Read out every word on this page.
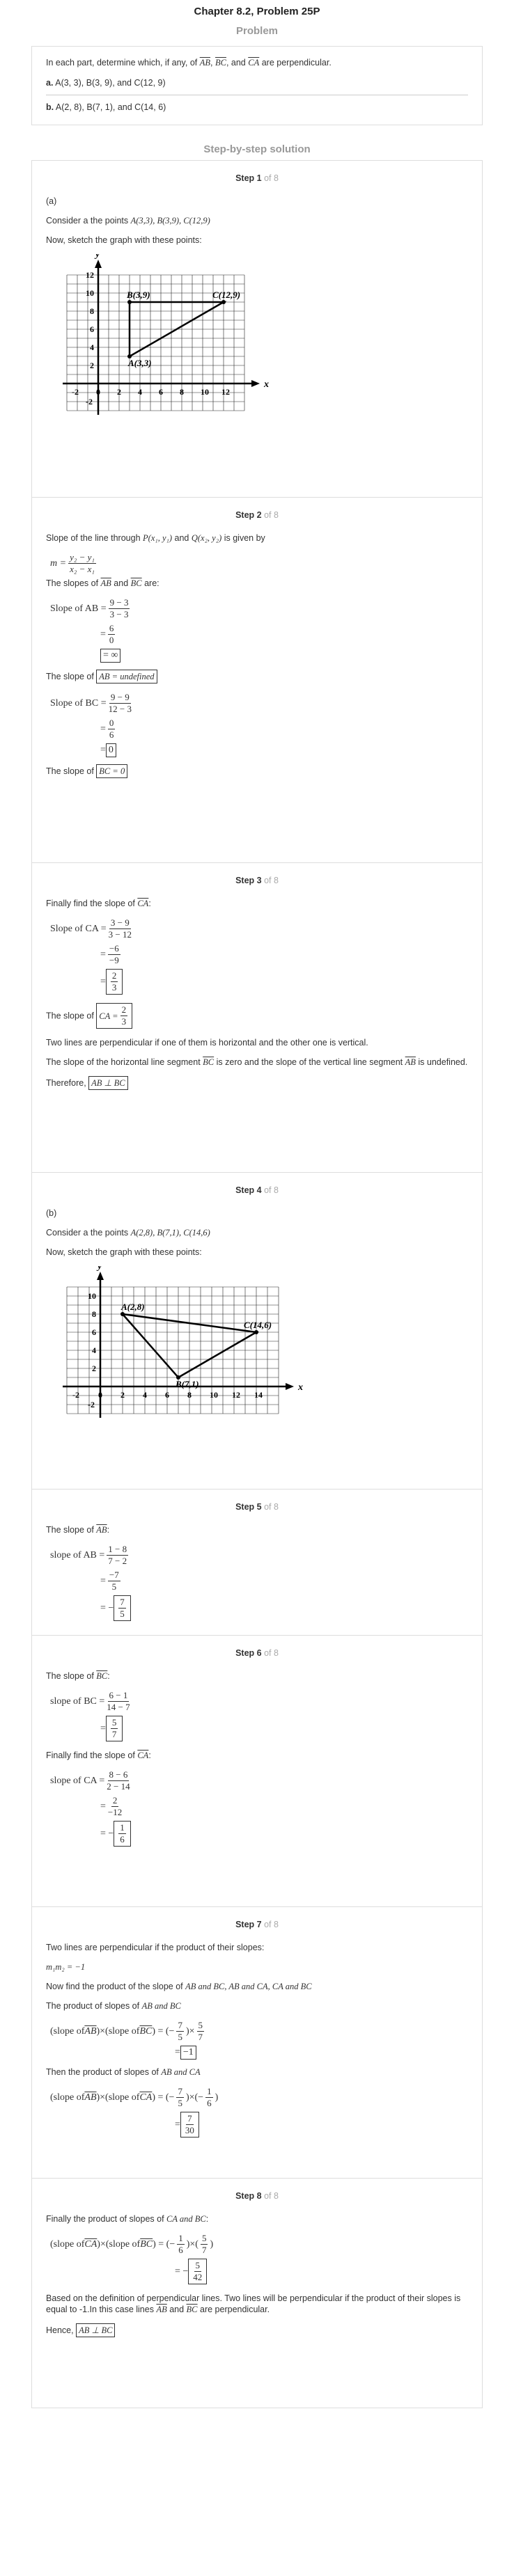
Chapter 8.2, Problem 25P
Problem

In each part, determine which, if any, of $\overline{AB}$, $\overline{BC}$, and $\overline{CA}$ are perpendicular.

a. A(3, 3), B(3, 9), and C(12, 9)
b. A(2, 8), B(7, 1), and C(14, 6)
Step-by-step solution
Step 1 of 8
(a)
Consider a the points A(3,3), B(3,9), C(12,9)
Now, sketch the graph with these points:
x
y
-2 0 2 4 6 8 10 12
12
10
8
6
4
2
-2
A(3,3)
B(3,9)	C(12,9)
Step 2 of 8
Slope of the line through P(x₁, y₁) and Q(x₂, y₂) is given by
$m = \frac{\text{y₂ − y₁}}{\text{x₂ − x₁}}$
The slopes of $\overline{AB}$ and $\overline{BC}$ are:
Slope of AB = $\frac{9 - 3}{3 - 3}$
= $\frac{6}{0}$
= ∞
The slope of AB = undefined
Slope of BC = $\frac{9 - 9}{12 - 3}$
= $\frac{0}{6}$
= 0
The slope of BC = 0
Step 3 of 8
Finally find the slope of $\overline{CA}$:
Slope of CA = $\frac{3 - 9}{3 - 12}$
= $\frac{-6}{-9}$
= $\frac{2}{3}$
The slope of CA = $\frac{2}{3}$
Two lines are perpendicular if one of them is horizontal and the other one is vertical.
The slope of the horizontal line segment $\overline{BC}$ is zero and the slope of the vertical line segment $\overline{AB}$ is undefined.
Therefore, AB ⊥ BC
Step 4 of 8
(b)
Consider a the points A(2,8), B(7,1), C(14,6)
Now, sketch the graph with these points:
x
y
-2 0 2 4 6 8 10 12 14
10
8
6
4
2
-2
A(2,8)
B(7,1)
C(14,6)
Step 5 of 8
The slope of $\overline{AB}$:
slope of AB = $\frac{1 - 8}{7 - 2}$
= $\frac{-7}{5}$
= − $\frac{7}{5}$
Step 6 of 8
The slope of $\overline{BC}$:
slope of BC = $\frac{6 - 1}{14 - 7}$
= $\frac{5}{7}$
Finally find the slope of $\overline{CA}$:
slope of CA = $\frac{8 - 6}{2 - 14}$
= $\frac{2}{-12}$
= − $\frac{1}{6}$
Step 7 of 8
Two lines are perpendicular if the product of their slopes:
m₁m₂ = −1
Now find the product of the slope of AB and BC, AB and CA, CA and BC
The product of slopes of AB and BC
(slope of $\overline{AB}$ )×(slope of $\overline{BC}$ ) = (− $\frac{7}{5}$ )× $\frac{5}{7}$
= −1
Then the product of slopes of AB and CA
(slope of $\overline{AB}$ )×(slope of $\overline{CA}$ ) = (− $\frac{7}{5}$ )×(− $\frac{1}{6}$ )
= $\frac{7}{30}$
Step 8 of 8
Finally the product of slopes of CA and BC:
(slope of $\overline{CA}$ )×(slope of $\overline{BC}$ ) = (− $\frac{1}{6}$ )×( $\frac{5}{7}$ )
= − $\frac{5}{42}$
Based on the definition of perpendicular lines. Two lines will be perpendicular if the product of their slopes is equal to -1.In this case lines $\overline{AB}$ and $\overline{BC}$ are perpendicular.
Hence, AB ⊥ BC
